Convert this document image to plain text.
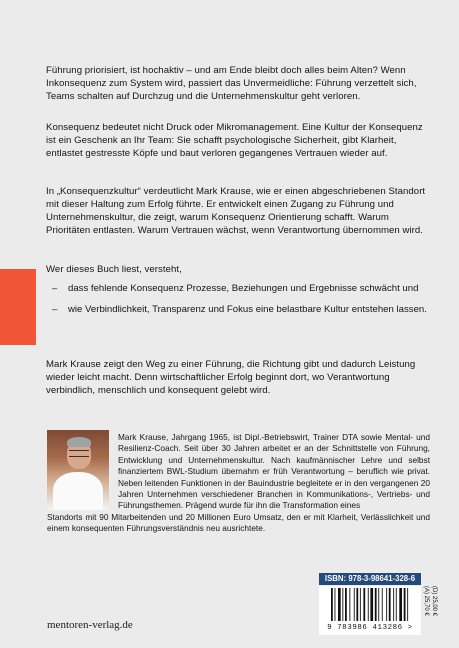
Führung priorisiert, ist hochaktiv – und am Ende bleibt doch alles beim Alten? Wenn Inkonsequenz zum System wird, passiert das Unvermeidliche: Führung verzettelt sich, Teams schalten auf Durchzug und die Unternehmenskultur geht verloren.
Konsequenz bedeutet nicht Druck oder Mikromanagement. Eine Kultur der Konsequenz ist ein Geschenk an Ihr Team: Sie schafft psychologische Sicherheit, gibt Klarheit, entlastet gestresste Köpfe und baut verloren gegangenes Vertrauen wieder auf.
In „Konsequenzkultur“ verdeutlicht Mark Krause, wie er einen abgeschriebenen Standort mit dieser Haltung zum Erfolg führte. Er entwickelt einen Zugang zu Führung und Unternehmenskultur, die zeigt, warum Konsequenz Orientierung schafft. Warum Prioritäten entlasten. Warum Vertrauen wächst, wenn Verantwortung übernommen wird.
Wer dieses Buch liest, versteht,
– dass fehlende Konsequenz Prozesse, Beziehungen und Ergebnisse schwächt und
– wie Verbindlichkeit, Transparenz und Fokus eine belastbare Kultur entstehen lassen.
Mark Krause zeigt den Weg zu einer Führung, die Richtung gibt und dadurch Leistung wieder leicht macht. Denn wirtschaftlicher Erfolg beginnt dort, wo Verantwortung verbindlich, menschlich und konsequent gelebt wird.
Mark Krause, Jahrgang 1965, ist Dipl.-Betriebswirt, Trainer DTA sowie Mental- und Resilienz-Coach. Seit über 30 Jahren arbeitet er an der Schnittstelle von Führung, Entwicklung und Unternehmenskultur. Nach kaufmännischer Lehre und selbst finanziertem BWL-Studium übernahm er früh Verantwortung – beruflich wie privat. Neben leitenden Funktionen in der Bauindustrie begleitete er in den vergangenen 20 Jahren Unternehmen verschiedener Branchen in Kommunikations-, Vertriebs- und Führungsthemen. Prägend wurde für ihn die Transformation eines
Standorts mit 90 Mitarbeitenden und 20 Millionen Euro Umsatz, den er mit Klarheit, Verlässlichkeit und einem konsequenten Führungsverständnis neu ausrichtete.
ISBN: 978-3-98641-328-6
9 783986 413286 >
(D) 25,00 €
(A) 25,70 €
mentoren-verlag.de
